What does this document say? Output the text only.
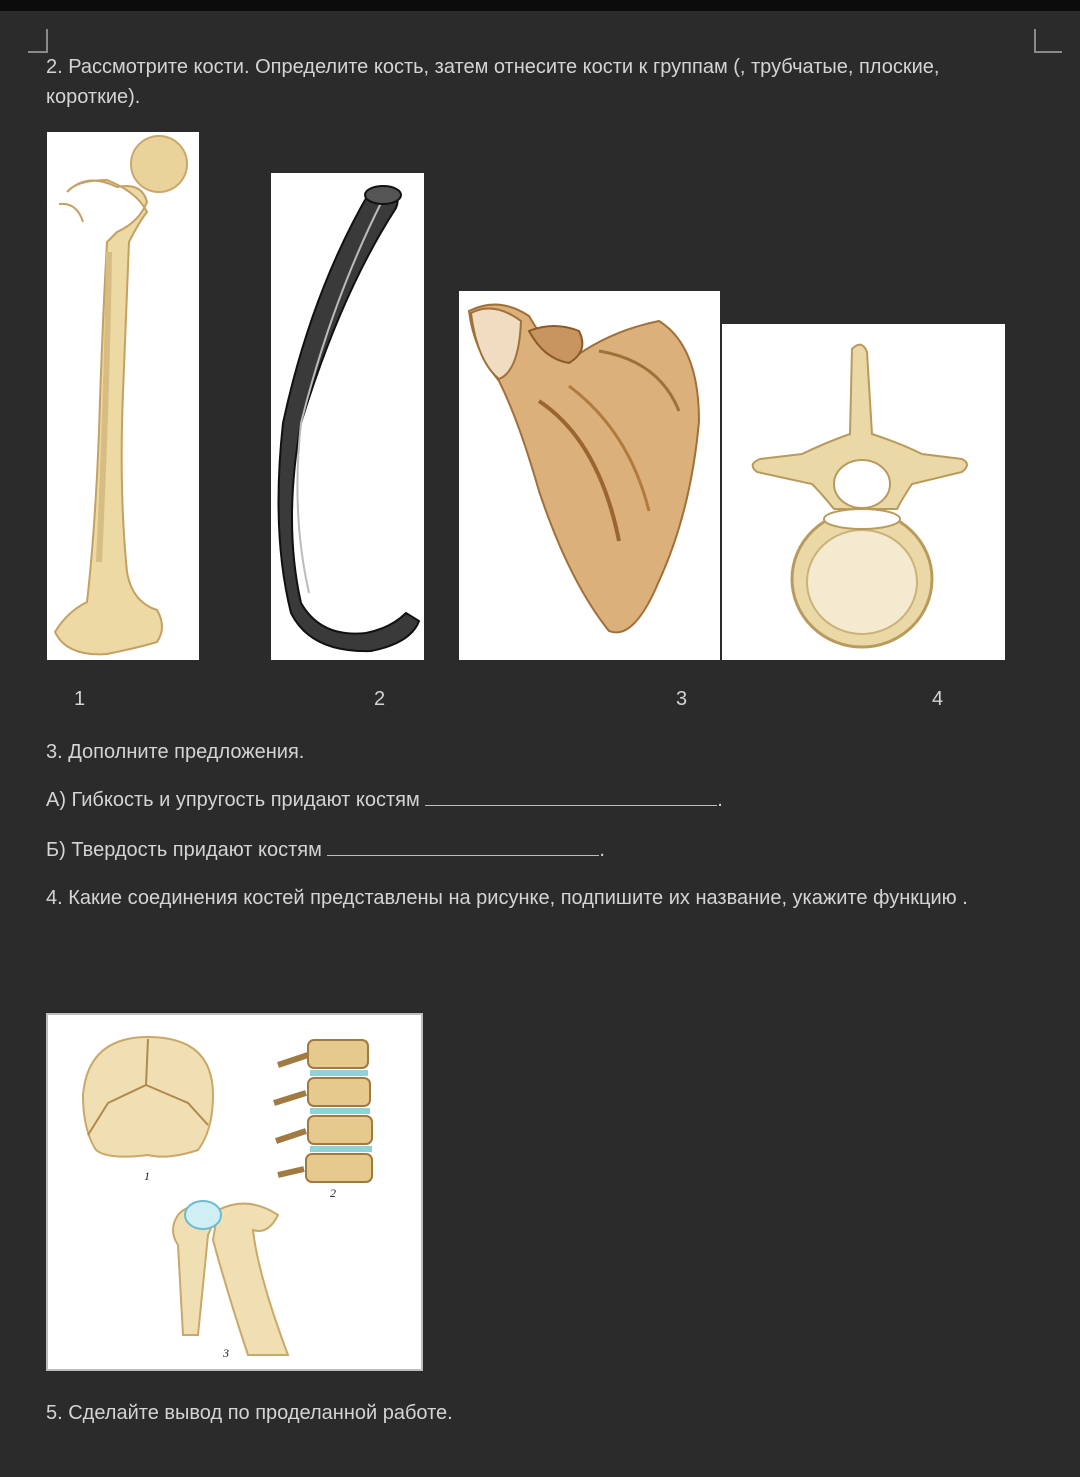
2. Рассмотрите кости. Определите кость, затем отнесите кости к группам (, трубчатые, плоские, короткие).
1	2	3	4
3. Дополните предложения.
А) Гибкость и упругость придают костям	.
Б) Твердость придают костям	.
4. Какие соединения костей представлены на рисунке, подпишите их название, укажите функцию .
1
2
3
5. Сделайте вывод по проделанной работе.
